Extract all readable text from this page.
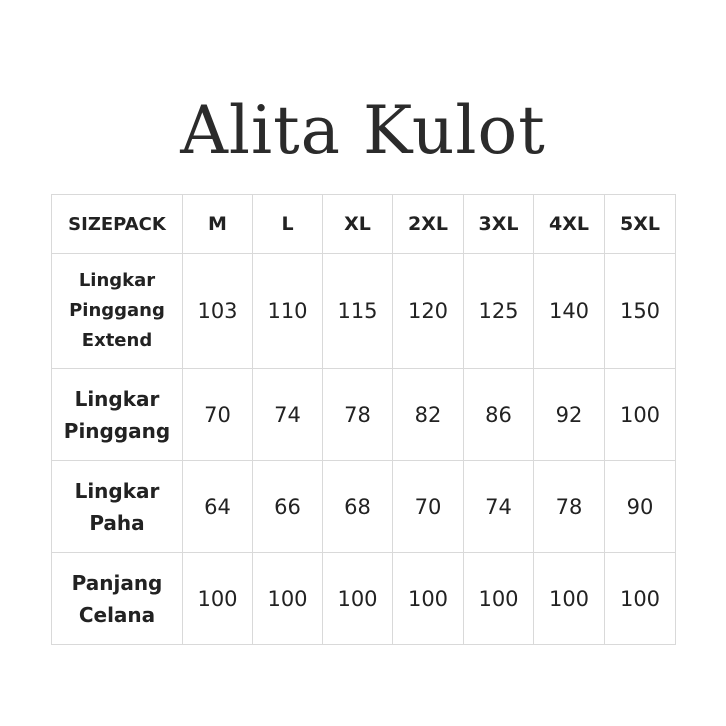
Alita Kulot
SIZEPACK	M	L	XL	2XL	3XL	4XL	5XL

Lingkar
Pinggang
Extend	103	110	115	120	125	140	150

Lingkar
Pinggang	70	74	78	82	86	92	100

Lingkar
Paha	64	66	68	70	74	78	90

Panjang
Celana	100	100	100	100	100	100	100
